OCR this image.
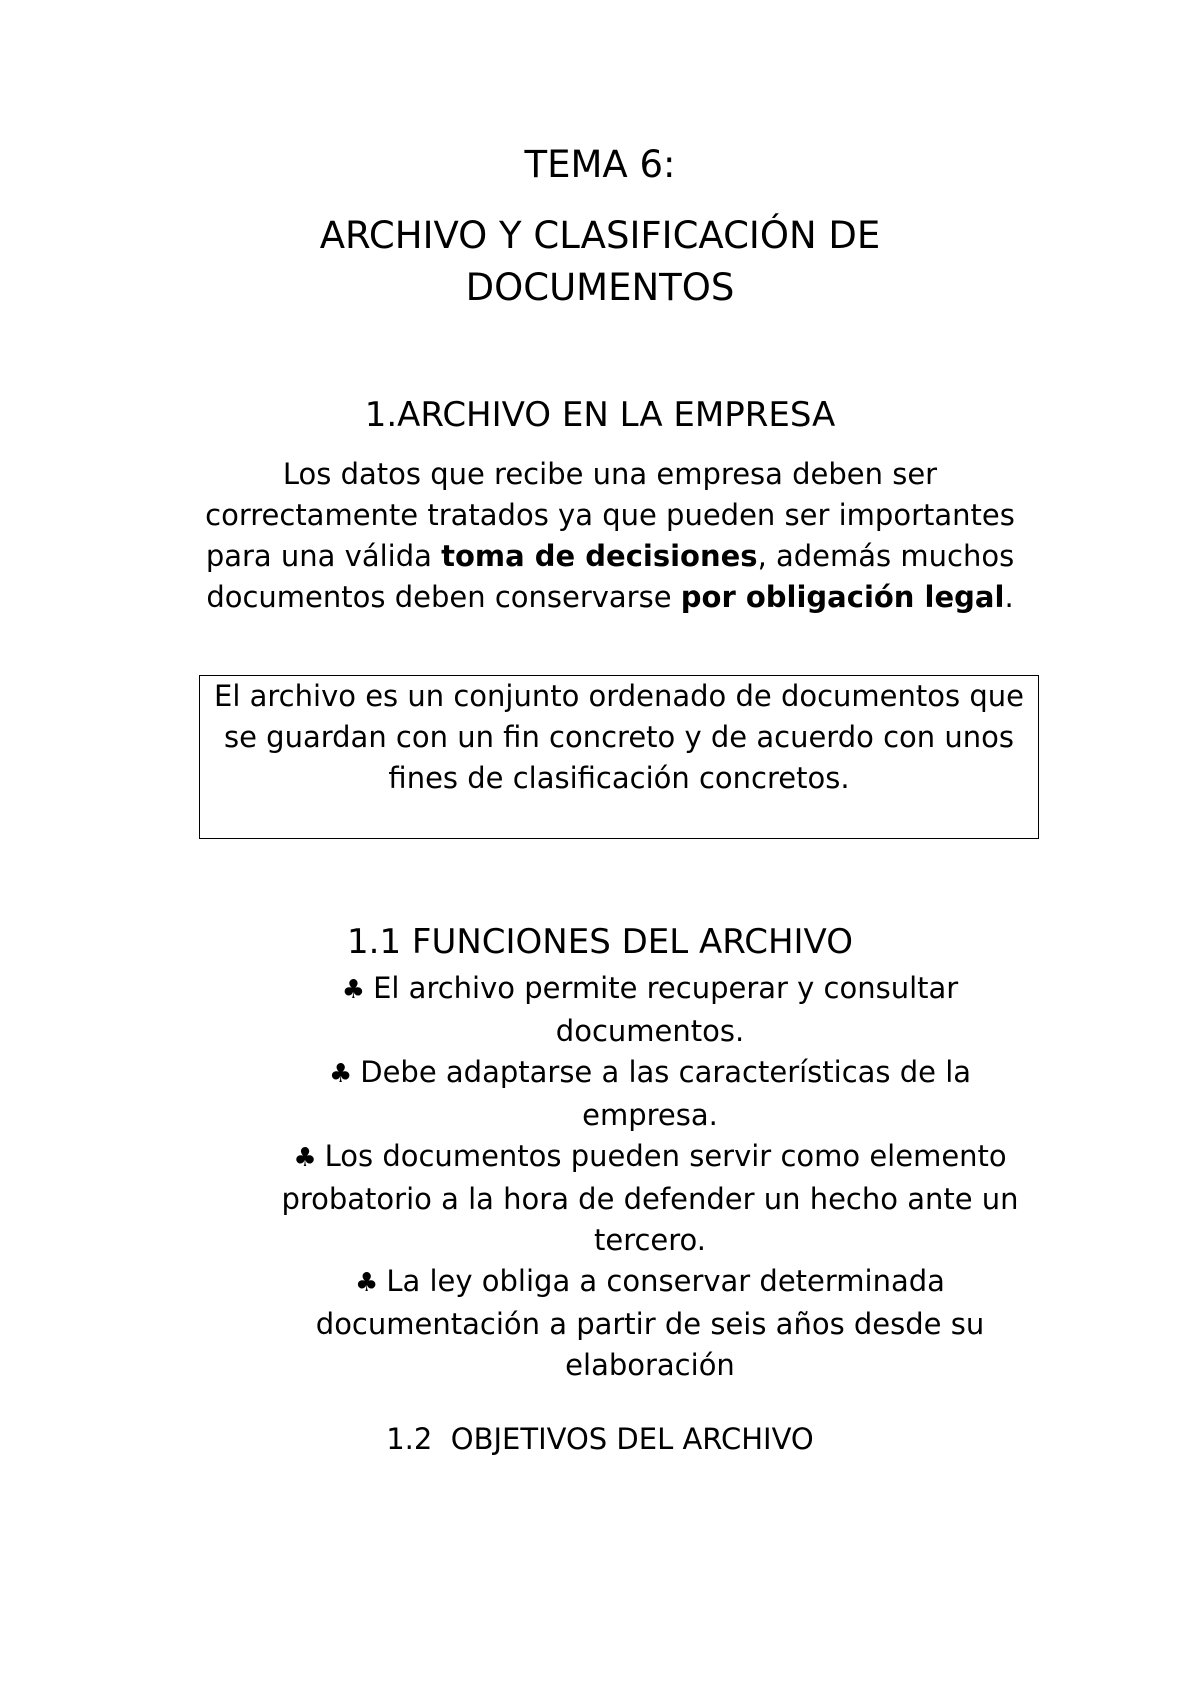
TEMA 6:
ARCHIVO Y CLASIFICACIÓN DE
DOCUMENTOS
1.ARCHIVO EN LA EMPRESA
Los datos que recibe una empresa deben ser correctamente tratados ya que pueden ser importantes para una válida toma de decisiones, además muchos documentos deben conservarse por obligación legal.
El archivo es un conjunto ordenado de documentos que se guardan con un fin concreto y de acuerdo con unos fines de clasificación concretos.
1.1 FUNCIONES DEL ARCHIVO

♣ El archivo permite recuperar y consultar documentos.

♣ Debe adaptarse a las características de la empresa.

♣ Los documentos pueden servir como elemento probatorio a la hora de defender un hecho ante un tercero.

♣ La ley obliga a conservar determinada documentación a partir de seis años desde su elaboración

1.2  OBJETIVOS DEL ARCHIVO
